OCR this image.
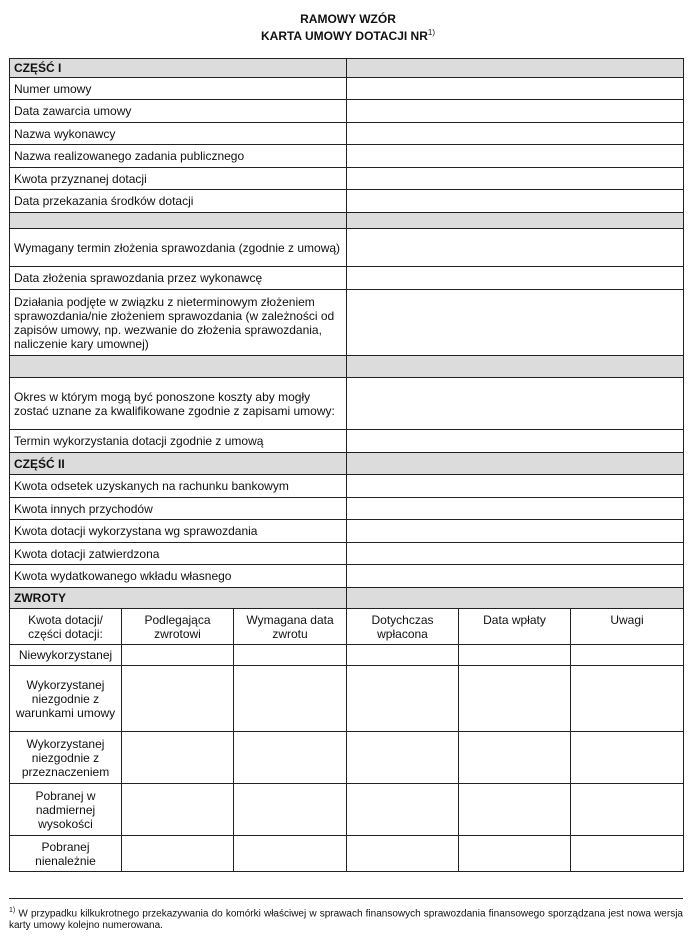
RAMOWY WZÓR
KARTA UMOWY DOTACJI NR$^{1)}$
CZĘŚĆ I					
Numer umowy					
Data zawarcia umowy					
Nazwa wykonawcy					
Nazwa realizowanego zadania publicznego					
Kwota przyznanej dotacji					
Data przekazania środków dotacji					

Wymagany termin złożenia sprawozdania (zgodnie z umową)					
Data złożenia sprawozdania przez wykonawcę					
Działania podjęte w związku z nieterminowym złożeniem sprawozdania/nie złożeniem sprawozdania (w zależności od zapisów umowy, np. wezwanie do złożenia sprawozdania, naliczenie kary umownej)					

Okres w którym mogą być ponoszone koszty aby mogły zostać uznane za kwalifikowane zgodnie z zapisami umowy:					
Termin wykorzystania dotacji zgodnie z umową					
CZĘŚĆ II					
Kwota odsetek uzyskanych na rachunku bankowym					
Kwota innych przychodów					
Kwota dotacji wykorzystana wg sprawozdania					
Kwota dotacji zatwierdzona					
Kwota wydatkowanego wkładu własnego					
ZWROTY					
Kwota dotacji/ części dotacji:	Podlegająca zwrotowi	Wymagana data zwrotu	Dotychczas wpłacona	Data wpłaty	Uwagi
Niewykorzystanej					
Wykorzystanej niezgodnie z warunkami umowy					
Wykorzystanej niezgodnie z przeznaczeniem					
Pobranej w nadmiernej wysokości					
Pobranej nienależnie					
$^{1)}$ W przypadku kilkukrotnego przekazywania do komórki właściwej w sprawach finansowych sprawozdania finansowego sporządzana jest nowa wersja karty umowy kolejno numerowana.
